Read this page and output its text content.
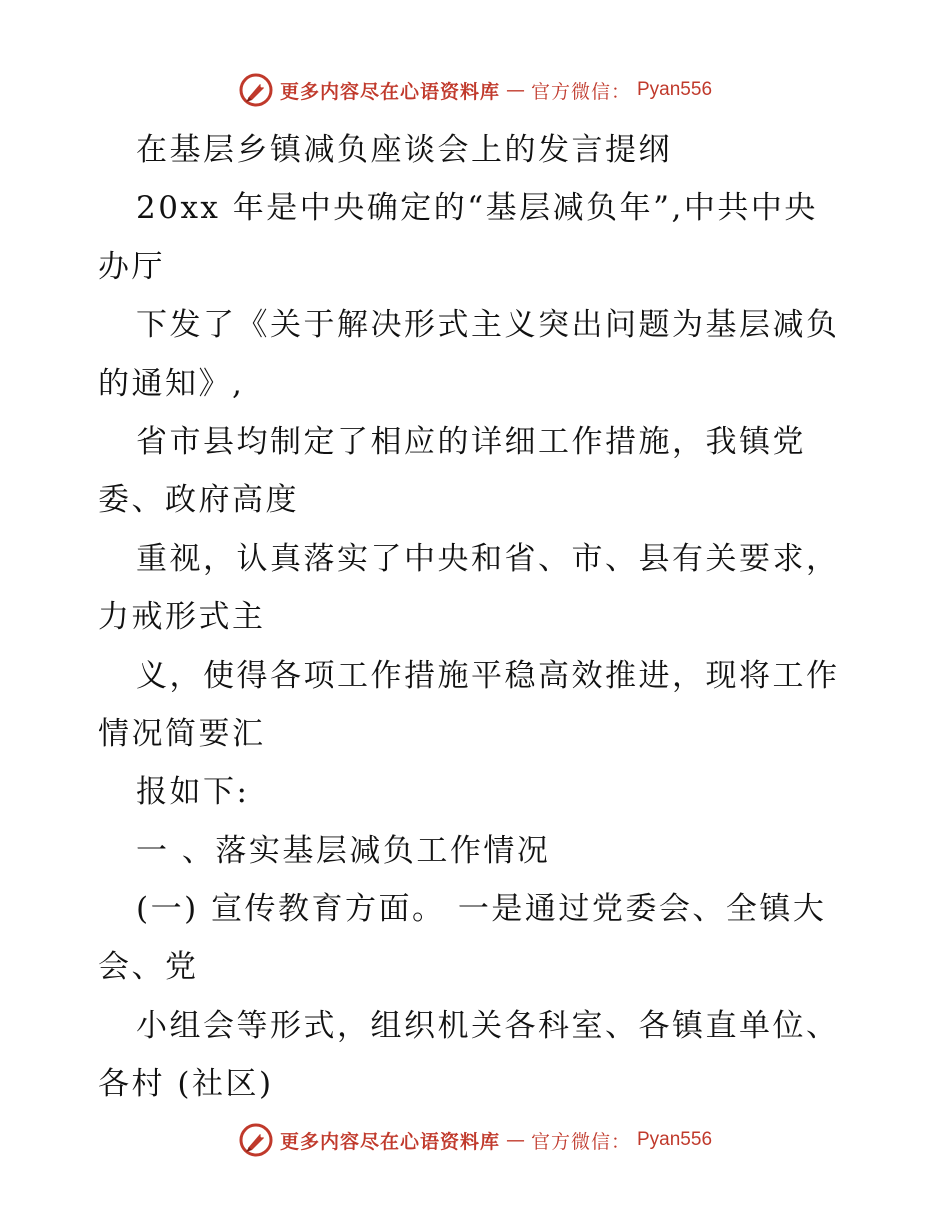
更多内容尽在心语资料库 — 官方微信： Pyan556
在基层乡镇减负座谈会上的发言提纲
20xx 年是中央确定的“基层减负年”,中共中央
办厅
下发了《关于解决形式主义突出问题为基层减负
的通知》,
省市县均制定了相应的详细工作措施，我镇党
委、政府高度
重视，认真落实了中央和省、市、县有关要求，
力戒形式主
义，使得各项工作措施平稳高效推进，现将工作
情况简要汇
报如下:
一 、落实基层减负工作情况
(一) 宣传教育方面。 一是通过党委会、全镇大
会、党
小组会等形式，组织机关各科室、各镇直单位、
各村 (社区)
更多内容尽在心语资料库 — 官方微信： Pyan556
